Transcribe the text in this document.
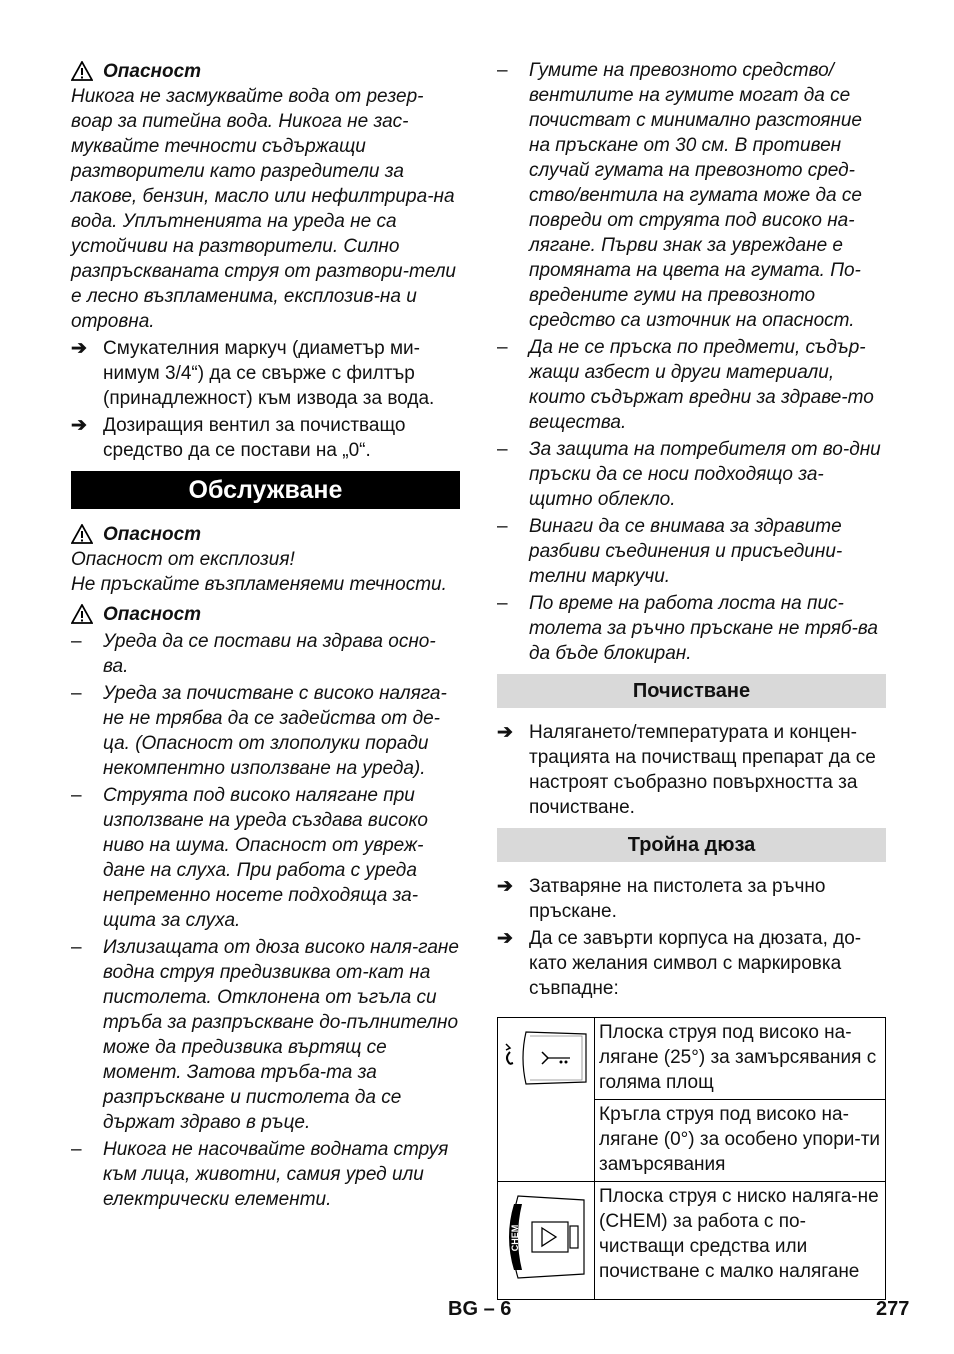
Опасност

Никога не засмуквайте вода от резер-вoар за питейна вода. Никога не зас-муквайте течности съдържащи разтворители като разредители за лакове, бензин, масло или нефилтрира-на вода. Уплътненията на уреда не са устойчиви на разтворители. Силно разпръскваната струя от разтвори-тели е лесно възпламенима, експлозив-на и отровна.

➔ Смукателния маркуч (диаметър ми-нимум 3/4“) да се свърже с филтър (принадлежност) към извода за вода.
➔ Дозиращия вентил за почистващо средство да се постави на „0“.
Обслужване
Опасност

Опасност от експлозия!

Не пръскайте възпламеняеми течности.

Опасност
–	Уреда да се постави на здрава осно-ва.
–	Уреда за почистване с високо наляга-не не трябва да се задейства от де-ца. (Опасност от злополуки поради некомпентно използване на уреда).
–	Струята под високо налягане при използване на уреда създава високо ниво на шума. Опасност от увреж-дане на слуха. При работа с уреда непременно носете подходяща за-щита за слуха.
–	Излизащата от дюза високо наля-гане водна струя предизвиква от-кат на пистолета. Отклонена от ъгъла си тръба за разпръскване до-пълнително може да предизвика въртящ се момент. Затова тръба-та за разпръскване и пистолета да се държат здраво в ръце.
–	Никога не насочвайте водната струя към лица, животни, самия уред или електрически елементи.
–	Гумите на превозното средство/ вентилите на гумите могат да се почистват с минимално разстояние на пръскане от 30 см. В противен случай гумата на превозното сред-ство/вентила на гумата може да се повреди от струята под високо на-лягане. Първи знак за увреждане е промяната на цвета на гумата. По-вредените гуми на превозното средство са източник на опасност.
–	Да не се пръска по предмети, съдър-жащи азбест и други материали, които съдържат вредни за здраве-то вещества.
–	За защита на потребителя от во-дни пръски да се носи подходящо за-щитно облекло.
–	Винаги да се внимава за здравите разбиви съединения и присъедини-телни маркучи.
–	По време на работа лоста на пис-толета за ръчно пръскане не тряб-ва да бъде блокиран.
Почистване
➔ Налягането/температурата и концен-трацията на почистващ препарат да се настроят съобразно повърхността за почистване.
Тройна дюза
➔ Затваряне на пистолета за ръчно пръскане.
➔ Да се завърти корпуса на дюзата, до-като желания символ с маркировка съвпадне:
	Плоска струя под високо на-лягане (25°) за замърсявания с голяма площ
	Кръгла струя под високо на-лягане (0°) за особено упори-ти замърсявания

CHEM	Плоска струя с ниско наляга-не (CHEM) за работа с по-чистващи средства или почистване с малко налягане
BG – 6	277
